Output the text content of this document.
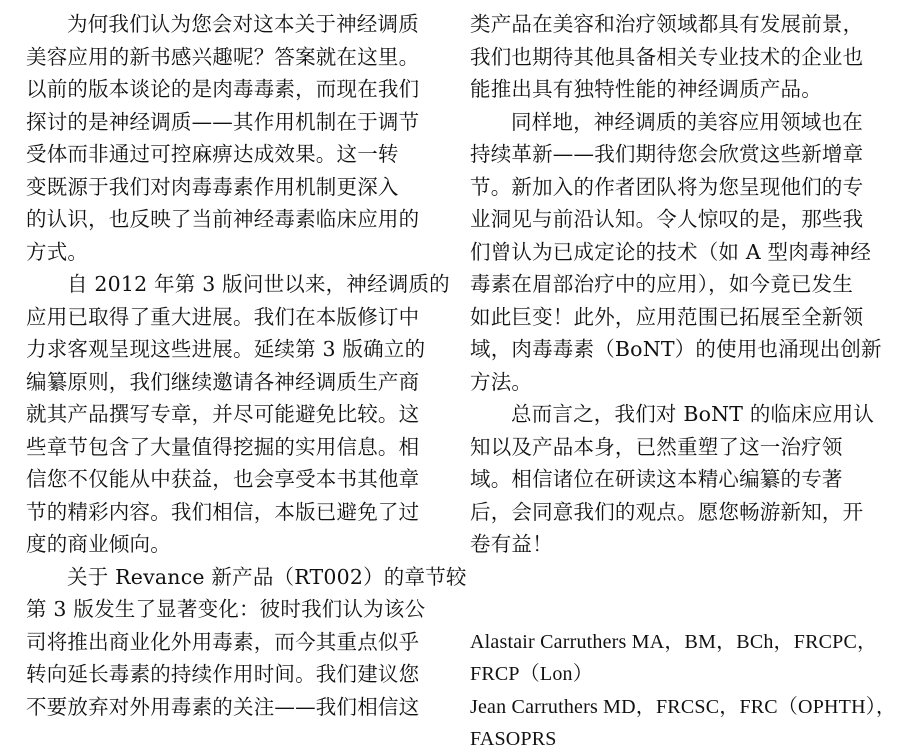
为何我们认为您会对这本关于神经调质
美容应用的新书感兴趣呢？答案就在这里。
以前的版本谈论的是肉毒毒素，而现在我们
探讨的是神经调质——其作用机制在于调节
受体而非通过可控麻痹达成效果。这一转
变既源于我们对肉毒毒素作用机制更深入
的认识，也反映了当前神经毒素临床应用的
方式。
自 2012 年第 3 版问世以来，神经调质的
应用已取得了重大进展。我们在本版修订中
力求客观呈现这些进展。延续第 3 版确立的
编纂原则，我们继续邀请各神经调质生产商
就其产品撰写专章，并尽可能避免比较。这
些章节包含了大量值得挖掘的实用信息。相
信您不仅能从中获益，也会享受本书其他章
节的精彩内容。我们相信，本版已避免了过
度的商业倾向。
关于 Revance 新产品（RT002）的章节较
第 3 版发生了显著变化：彼时我们认为该公
司将推出商业化外用毒素，而今其重点似乎
转向延长毒素的持续作用时间。我们建议您
不要放弃对外用毒素的关注——我们相信这
类产品在美容和治疗领域都具有发展前景，
我们也期待其他具备相关专业技术的企业也
能推出具有独特性能的神经调质产品。
同样地，神经调质的美容应用领域也在
持续革新——我们期待您会欣赏这些新增章
节。新加入的作者团队将为您呈现他们的专
业洞见与前沿认知。令人惊叹的是，那些我
们曾认为已成定论的技术（如 A 型肉毒神经
毒素在眉部治疗中的应用），如今竟已发生
如此巨变！此外，应用范围已拓展至全新领
域，肉毒毒素（BoNT）的使用也涌现出创新
方法。
总而言之，我们对 BoNT 的临床应用认
知以及产品本身，已然重塑了这一治疗领
域。相信诸位在研读这本精心编纂的专著
后，会同意我们的观点。愿您畅游新知，开
卷有益！
Alastair Carruthers MA，BM，BCh，FRCPC，
FRCP（Lon）
Jean Carruthers MD，FRCSC，FRC（OPHTH），
FASOPRS
